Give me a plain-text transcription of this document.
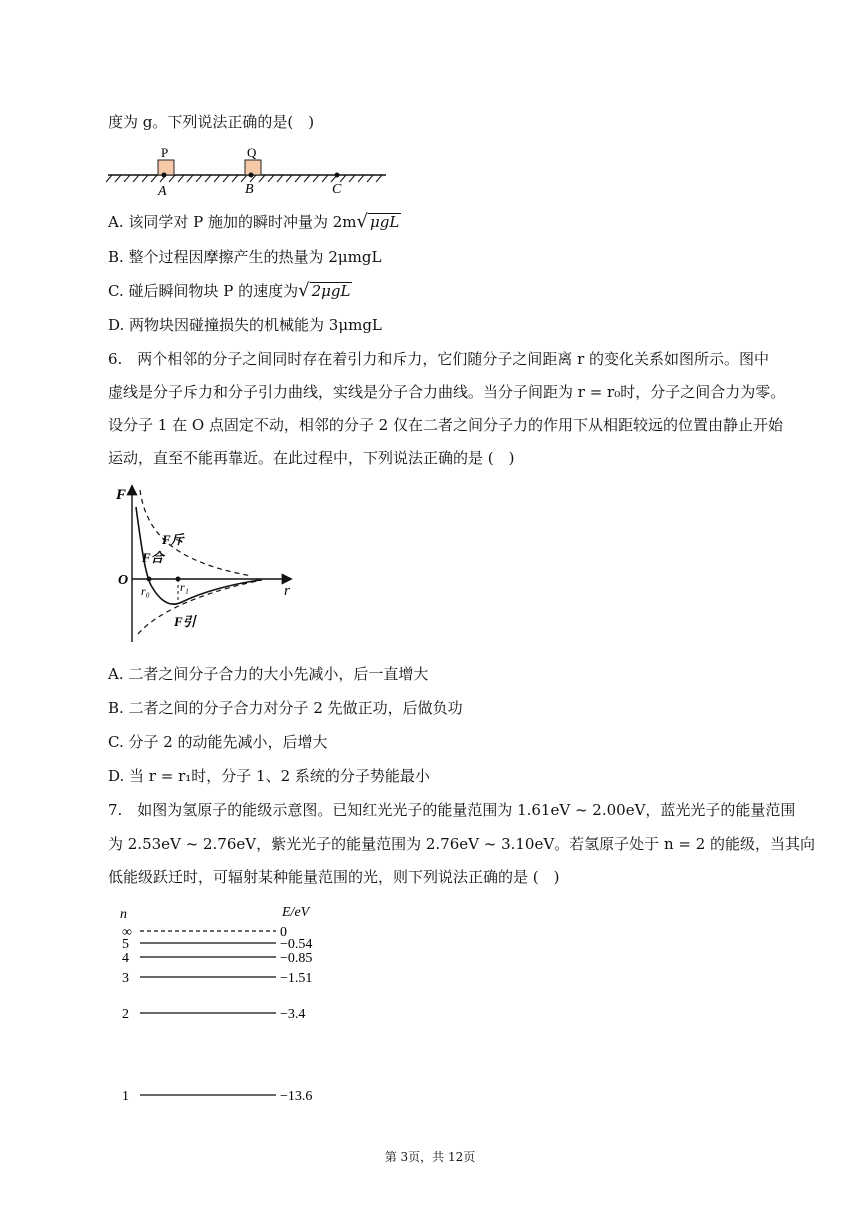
度为 g。下列说法正确的是(　)
P	Q
A	B	C
A. 该同学对 P 施加的瞬时冲量为 2m√ μgL
B. 整个过程因摩擦产生的热量为 2μmgL
C. 碰后瞬间物块 P 的速度为√ 2μgL
D. 两物块因碰撞损失的机械能为 3μmgL
6.　两个相邻的分子之间同时存在着引力和斥力，它们随分子之间距离 r 的变化关系如图所示。图中
虚线是分子斥力和分子引力曲线，实线是分子合力曲线。当分子间距为 r = r₀时，分子之间合力为零。
设分子 1 在 O 点固定不动，相邻的分子 2 仅在二者之间分子力的作用下从相距较远的位置由静止开始
运动，直至不能再靠近。在此过程中，下列说法正确的是 (　)
F
r
O
F斥
F合
F引
r₀	r₁
A. 二者之间分子合力的大小先减小，后一直增大
B. 二者之间的分子合力对分子 2 先做正功，后做负功
C. 分子 2 的动能先减小，后增大
D. 当 r = r₁时，分子 1、2 系统的分子势能最小
7.　如图为氢原子的能级示意图。已知红光光子的能量范围为 1.61eV ~ 2.00eV，蓝光光子的能量范围
为 2.53eV ~ 2.76eV，紫光光子的能量范围为 2.76eV ~ 3.10eV。若氢原子处于 n = 2 的能级，当其向
低能级跃迁时，可辐射某种能量范围的光，则下列说法正确的是 (　)
n	E/eV
∞	0
5	−0.54
4	−0.85
3	−1.51
2	−3.4
1	−13.6
第 3页，共 12页
